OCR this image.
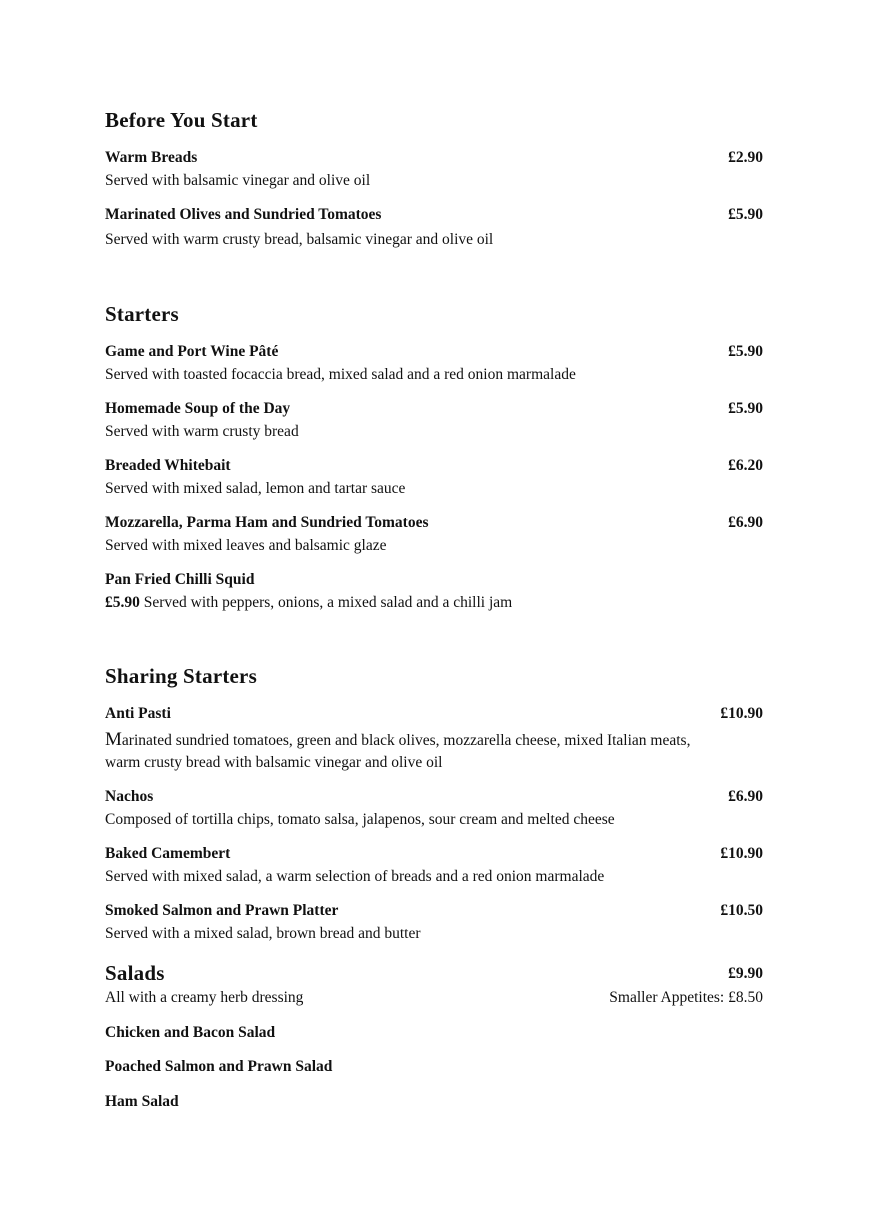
Before You Start
Warm Breads	£2.90
Served with balsamic vinegar and olive oil
Marinated Olives and Sundried Tomatoes	£5.90
Served with warm crusty bread, balsamic vinegar and olive oil
Starters
Game and Port Wine Pâté	£5.90
Served with toasted focaccia bread, mixed salad and a red onion marmalade
Homemade Soup of the Day	£5.90
Served with warm crusty bread
Breaded Whitebait	£6.20
Served with mixed salad, lemon and tartar sauce
Mozzarella, Parma Ham and Sundried Tomatoes	£6.90
Served with mixed leaves and balsamic glaze
Pan Fried Chilli Squid
£5.90 Served with peppers, onions, a mixed salad and a chilli jam
Sharing Starters
Anti Pasti	£10.90
Marinated sundried tomatoes, green and black olives, mozzarella cheese, mixed Italian meats,
warm crusty bread with balsamic vinegar and olive oil
Nachos	£6.90
Composed of tortilla chips, tomato salsa, jalapenos, sour cream and melted cheese
Baked Camembert	£10.90
Served with mixed salad, a warm selection of breads and a red onion marmalade
Smoked Salmon and Prawn Platter	£10.50
Served with a mixed salad, brown bread and butter
Salads	£9.90
All with a creamy herb dressing	Smaller Appetites: £8.50
Chicken and Bacon Salad
Poached Salmon and Prawn Salad
Ham Salad
